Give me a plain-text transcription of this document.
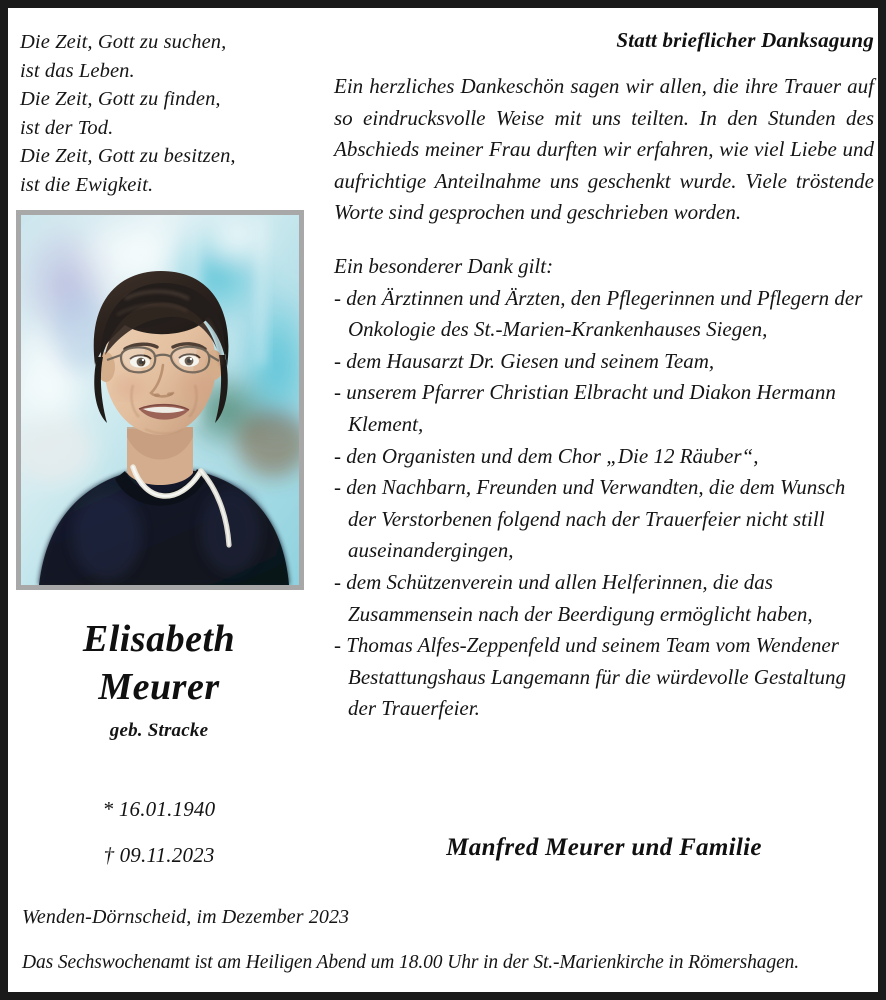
Die Zeit, Gott zu suchen,
ist das Leben.
Die Zeit, Gott zu finden,
ist der Tod.
Die Zeit, Gott zu besitzen,
ist die Ewigkeit.
Elisabeth
Meurer
geb. Stracke
* 16.01.1940
† 09.11.2023
Statt brieflicher Danksagung

Ein herzliches Dankeschön sagen wir allen, die ihre Trauer auf so eindrucksvolle Weise mit uns teilten. In den Stunden des Abschieds meiner Frau durften wir erfahren, wie viel Liebe und aufrichtige Anteilnahme uns geschenkt wurde. Viele tröstende Worte sind gesprochen und geschrieben worden.

Ein besonderer Dank gilt:
- den Ärztinnen und Ärzten, den Pflegerinnen und Pflegern der Onkologie des St.-Marien-Krankenhauses Siegen,
- dem Hausarzt Dr. Giesen und seinem Team,
- unserem Pfarrer Christian Elbracht und Diakon Hermann Klement,
- den Organisten und dem Chor „Die 12 Räuber“,
- den Nachbarn, Freunden und Verwandten, die dem Wunsch der Verstorbenen folgend nach der Trauerfeier nicht still auseinandergingen,
- dem Schützenverein und allen Helferinnen, die das Zusammensein nach der Beerdigung ermöglicht haben,
- Thomas Alfes-Zeppenfeld und seinem Team vom Wendener Bestattungshaus Langemann für die würdevolle Gestaltung der Trauerfeier.
Manfred Meurer und Familie
Wenden-Dörnscheid, im Dezember 2023
Das Sechswochenamt ist am Heiligen Abend um 18.00 Uhr in der St.-Marienkirche in Römershagen.
